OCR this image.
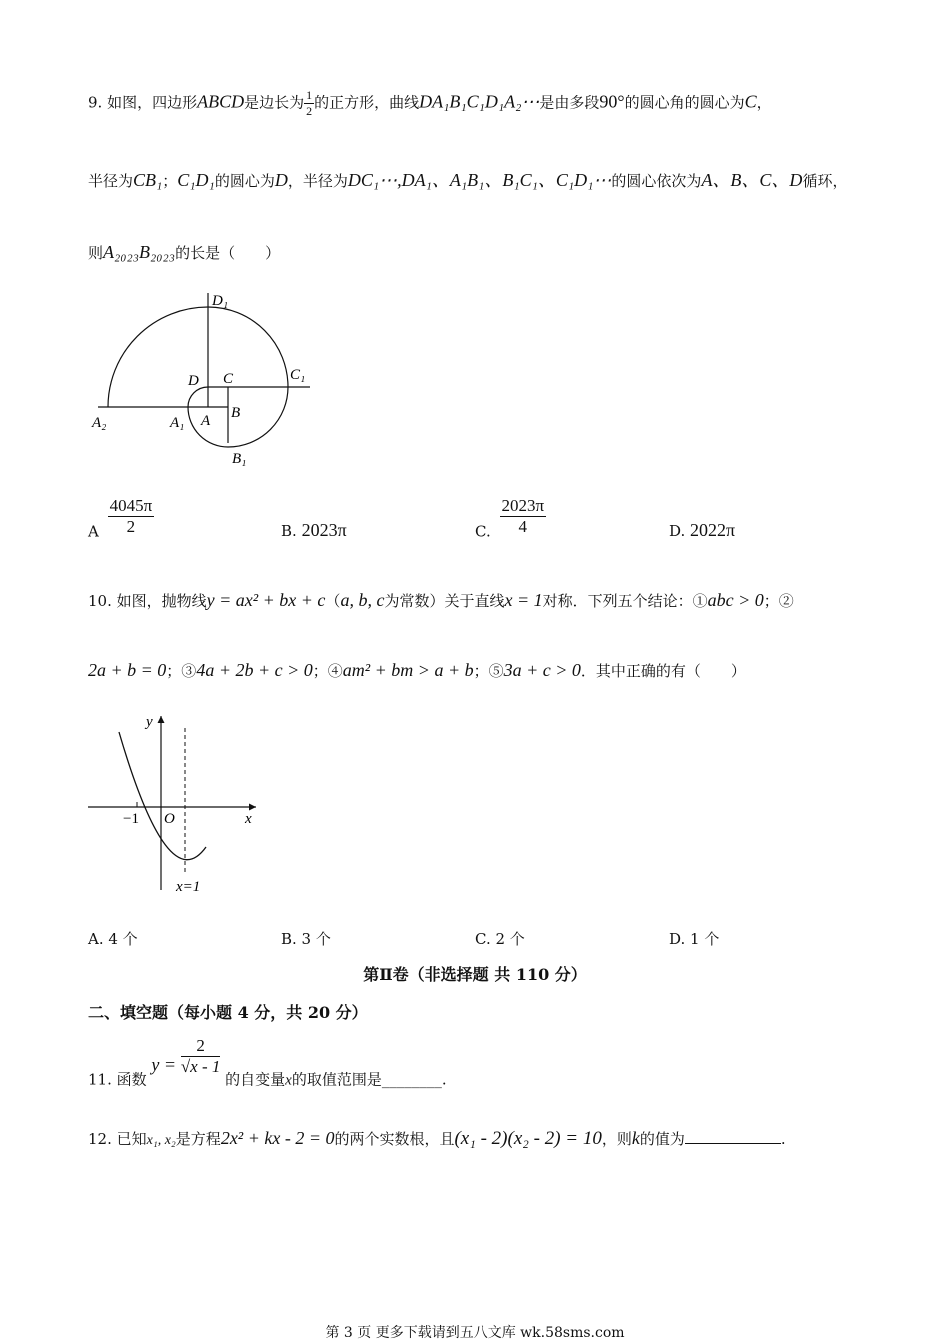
9. 如图，四边形ABCD是边长为 $\frac{1}{2}$ 的正方形，曲线DA₁B₁C₁D₁A₂⋯是由多段90°的圆心角的圆心为C，
半径为CB₁；C₁D₁的圆心为D，半径为DC₁⋯,DA₁、A₁B₁、B₁C₁、C₁D₁⋯的圆心依次为A、B、C、D循环，
则A₂₀₂₃B₂₀₂₃的长是（　　）
D₁
D C	C₁
A₂	A₁ A B
B₁
A $\frac{4045\pi}{2}$	B. 2023π	C. $\frac{2023\pi}{4}$	D. 2022π
10. 如图，抛物线y = ax² + bx + c（a, b, c为常数）关于直线x = 1对称．下列五个结论：①abc > 0；②
2a + b = 0；③4a + 2b + c > 0；④am² + bm > a + b；⑤3a + c > 0．其中正确的有（　　）
y
x
O
−1
x=1
A. 4 个	B. 3 个	C. 2 个	D. 1 个
第Ⅱ卷（非选择题 共 110 分）
二、填空题（每小题 4 分，共 20 分）
11. 函数 $y = \frac{2}{√x - 1}$
的自变量x的取值范围是________.
12. 已知x₁, x₂是方程2x² + kx - 2 = 0的两个实数根，且(x₁ - 2)(x₂ - 2) = 10，则k的值为	.
第 3 页 更多下载请到五八文库 wk.58sms.com
